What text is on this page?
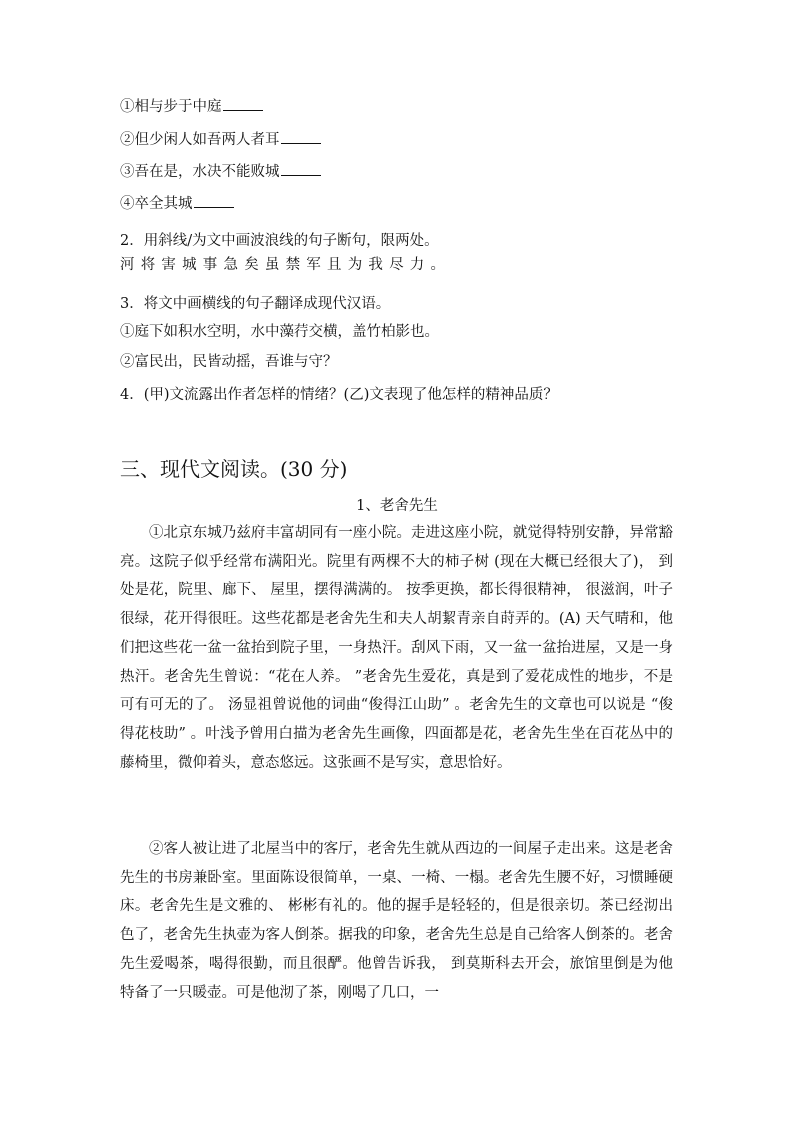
①相与步于中庭
②但少闲人如吾两人者耳
③吾在是，水决不能败城
④卒全其城
2．用斜线/为文中画波浪线的句子断句，限两处。
河将害城事急矣虽禁军且为我尽力。
3．将文中画横线的句子翻译成现代汉语。
①庭下如积水空明，水中藻荇交横，盖竹柏影也。
②富民出，民皆动摇，吾谁与守？
4．(甲)文流露出作者怎样的情绪？(乙)文表现了他怎样的精神品质？
三、现代文阅读。(30 分)
1、老舍先生

①北京东城乃兹府丰富胡同有一座小院。走进这座小院，就觉得特别安静，异常豁亮。这院子似乎经常布满阳光。院里有两棵不大的柿子树 (现在大概已经很大了)， 到处是花，院里、廊下、 屋里，摆得满满的。 按季更换，都长得很精神， 很滋润，叶子很绿，花开得很旺。这些花都是老舍先生和夫人胡絜青亲自莳弄的。(A) 天气晴和，他们把这些花一盆一盆抬到院子里，一身热汗。刮风下雨，又一盆一盆抬进屋，又是一身热汗。老舍先生曾说：“花在人养。 ”老舍先生爱花，真是到了爱花成性的地步，不是可有可无的了。 汤显祖曾说他的词曲“俊得江山助” 。老舍先生的文章也可以说是 “俊得花枝助” 。叶浅予曾用白描为老舍先生画像，四面都是花，老舍先生坐在百花丛中的藤椅里，微仰着头，意态悠远。这张画不是写实，意思恰好。

②客人被让进了北屋当中的客厅，老舍先生就从西边的一间屋子走出来。这是老舍先生的书房兼卧室。里面陈设很简单，一桌、一椅、一榻。老舍先生腰不好，习惯睡硬床。老舍先生是文雅的、 彬彬有礼的。他的握手是轻轻的，但是很亲切。茶已经沏出色了，老舍先生执壶为客人倒茶。据我的印象，老舍先生总是自己给客人倒茶的。老舍先生爱喝茶，喝得很勤，而且很酽。他曾告诉我， 到莫斯科去开会，旅馆里倒是为他特备了一只暖壶。可是他沏了茶，刚喝了几口，一
